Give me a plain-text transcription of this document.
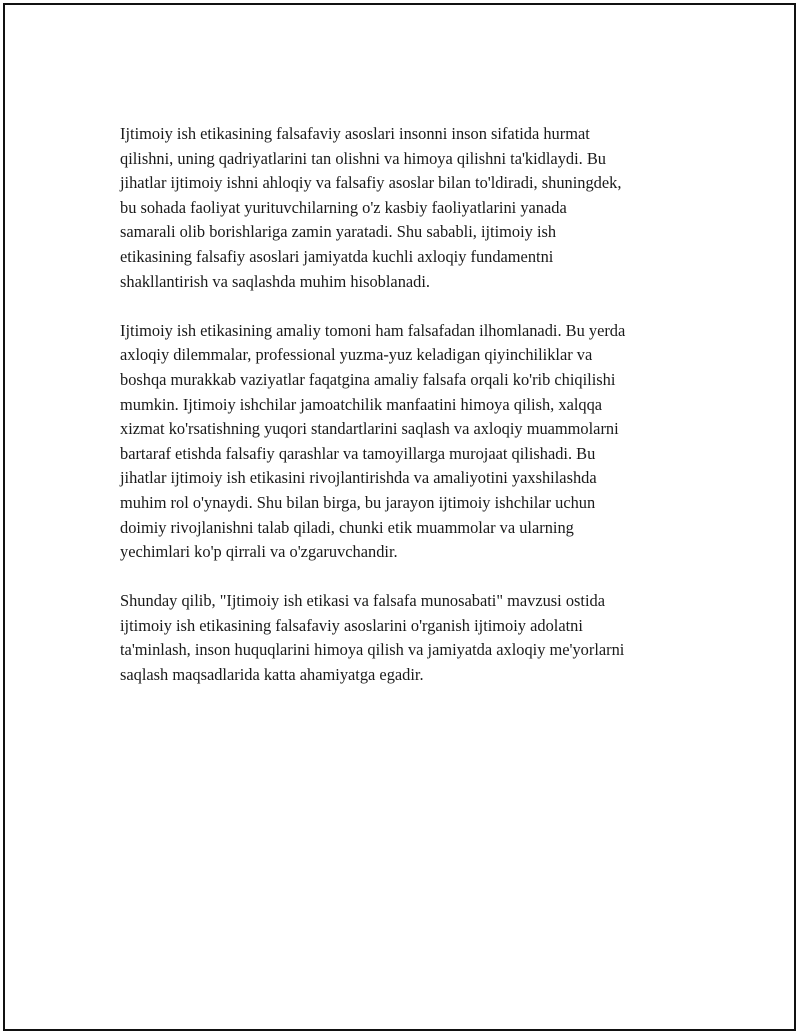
Ijtimoiy ish etikasining falsafaviy asoslari insonni inson sifatida hurmat
qilishni, uning qadriyatlarini tan olishni va himoya qilishni ta'kidlaydi. Bu
jihatlar ijtimoiy ishni ahloqiy va falsafiy asoslar bilan to'ldiradi, shuningdek,
bu sohada faoliyat yurituvchilarning o'z kasbiy faoliyatlarini yanada
samarali olib borishlariga zamin yaratadi. Shu sababli, ijtimoiy ish
etikasining falsafiy asoslari jamiyatda kuchli axloqiy fundamentni
shakllantirish va saqlashda muhim hisoblanadi.

Ijtimoiy ish etikasining amaliy tomoni ham falsafadan ilhomlanadi. Bu yerda
axloqiy dilemmalar, professional yuzma-yuz keladigan qiyinchiliklar va
boshqa murakkab vaziyatlar faqatgina amaliy falsafa orqali ko'rib chiqilishi
mumkin. Ijtimoiy ishchilar jamoatchilik manfaatini himoya qilish, xalqqa
xizmat ko'rsatishning yuqori standartlarini saqlash va axloqiy muammolarni
bartaraf etishda falsafiy qarashlar va tamoyillarga murojaat qilishadi. Bu
jihatlar ijtimoiy ish etikasini rivojlantirishda va amaliyotini yaxshilashda
muhim rol o'ynaydi. Shu bilan birga, bu jarayon ijtimoiy ishchilar uchun
doimiy rivojlanishni talab qiladi, chunki etik muammolar va ularning
yechimlari ko'p qirrali va o'zgaruvchandir.

Shunday qilib, "Ijtimoiy ish etikasi va falsafa munosabati" mavzusi ostida
ijtimoiy ish etikasining falsafaviy asoslarini o'rganish ijtimoiy adolatni
ta'minlash, inson huquqlarini himoya qilish va jamiyatda axloqiy me'yorlarni
saqlash maqsadlarida katta ahamiyatga egadir.
